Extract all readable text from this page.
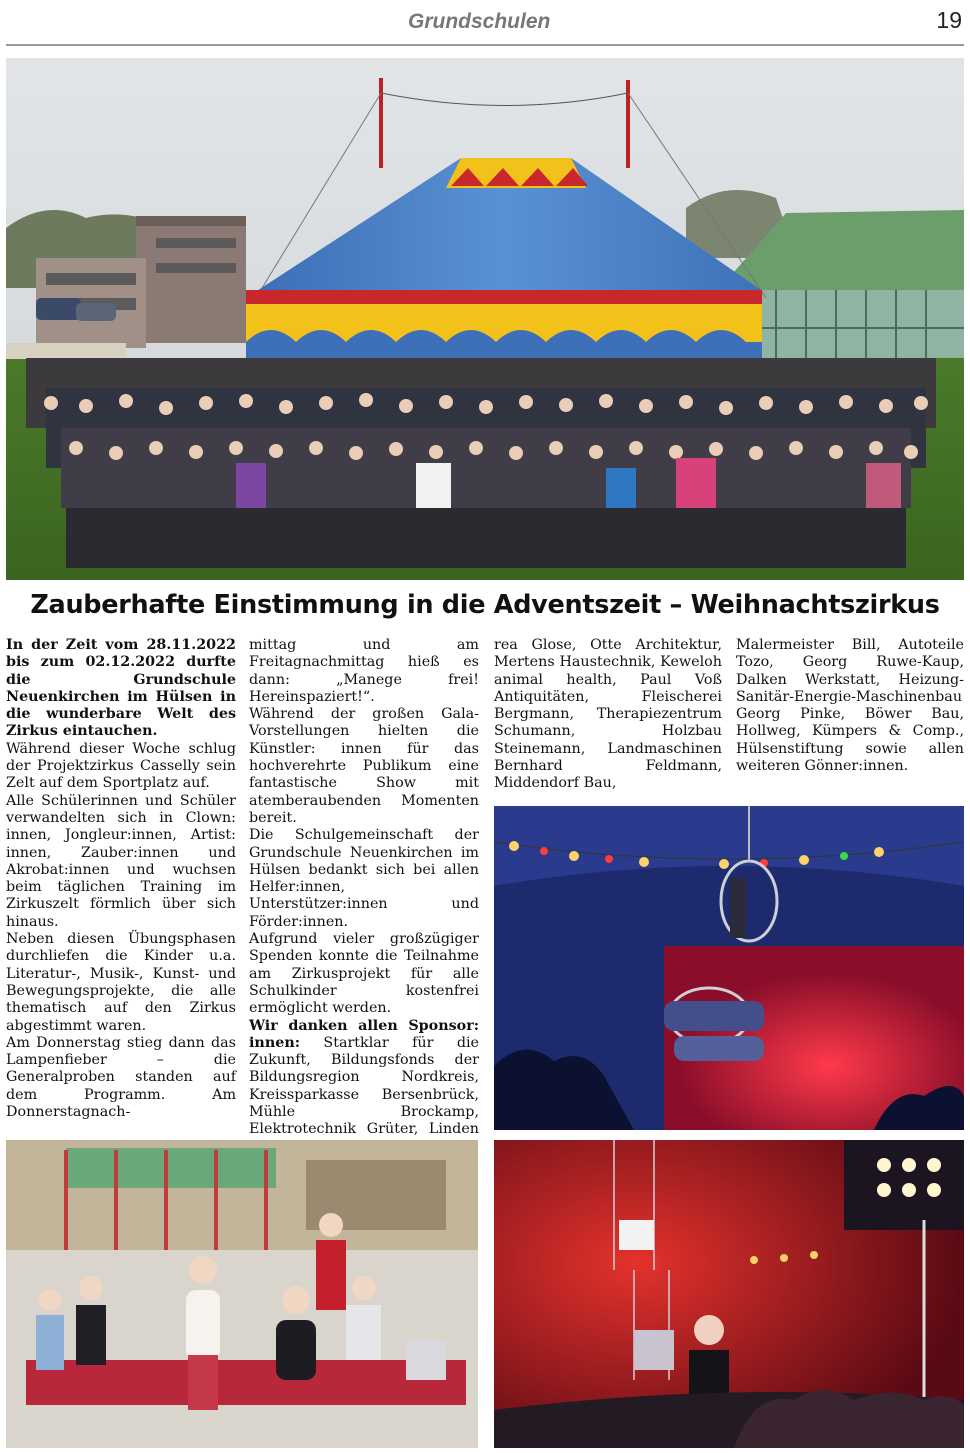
Grundschulen	19
Zauberhafte Einstimmung in die Adventszeit – Weihnachtszirkus

In der Zeit vom 28.11.2022 bis zum 02.12.2022 durfte die Grundschule Neuenkirchen im Hülsen in die wunderbare Welt des Zirkus eintauchen.

Während dieser Woche schlug der Projektzirkus Casselly sein Zelt auf dem Sportplatz auf.

Alle Schülerinnen und Schüler verwandelten sich in Clown: innen, Jongleur:innen, Artist: innen, Zauber:innen und Akrobat:innen und wuchsen beim täglichen Training im Zirkuszelt förmlich über sich hinaus.

Neben diesen Übungsphasen durchliefen die Kinder u.a. Literatur-, Musik-, Kunst- und Bewegungsprojekte, die alle thematisch auf den Zirkus abgestimmt waren.

Am Donnerstag stieg dann das Lampenfieber – die Generalproben standen auf dem Programm. Am Donnerstagnach-

mittag und am Freitagnachmittag hieß es dann: „Manege frei! Hereinspaziert!“.

Während der großen Gala-Vorstellungen hielten die Künstler: innen für das hochverehrte Publikum eine fantastische Show mit atemberaubenden Momenten bereit.

Die Schulgemeinschaft der Grundschule Neuenkirchen im Hülsen bedankt sich bei allen Helfer:innen, Unterstützer:innen und Förder:innen.

Aufgrund vieler großzügiger Spenden konnte die Teilnahme am Zirkusprojekt für alle Schulkinder kostenfrei ermöglicht werden.

Wir danken allen Sponsor: innen: Startklar für die Zukunft, Bildungsfonds der Bildungsregion Nordkreis, Kreissparkasse Bersenbrück, Mühle Brockamp, Elektrotechnik Grüter, Linden

rea Glose, Otte Architektur, Mertens Haustechnik, Keweloh animal health, Paul Voß Antiquitäten, Fleischerei Bergmann, Therapiezentrum Schumann, Holzbau Steinemann, Landmaschinen Bernhard Feldmann, Middendorf Bau,

Malermeister Bill, Autoteile Tozo, Georg Ruwe-Kaup, Dalken Werkstatt, Heizung-Sanitär-Energie-Maschinenbau Georg Pinke, Böwer Bau, Hollweg, Kümpers & Comp., Hülsenstiftung sowie allen weiteren Gönner:innen.
